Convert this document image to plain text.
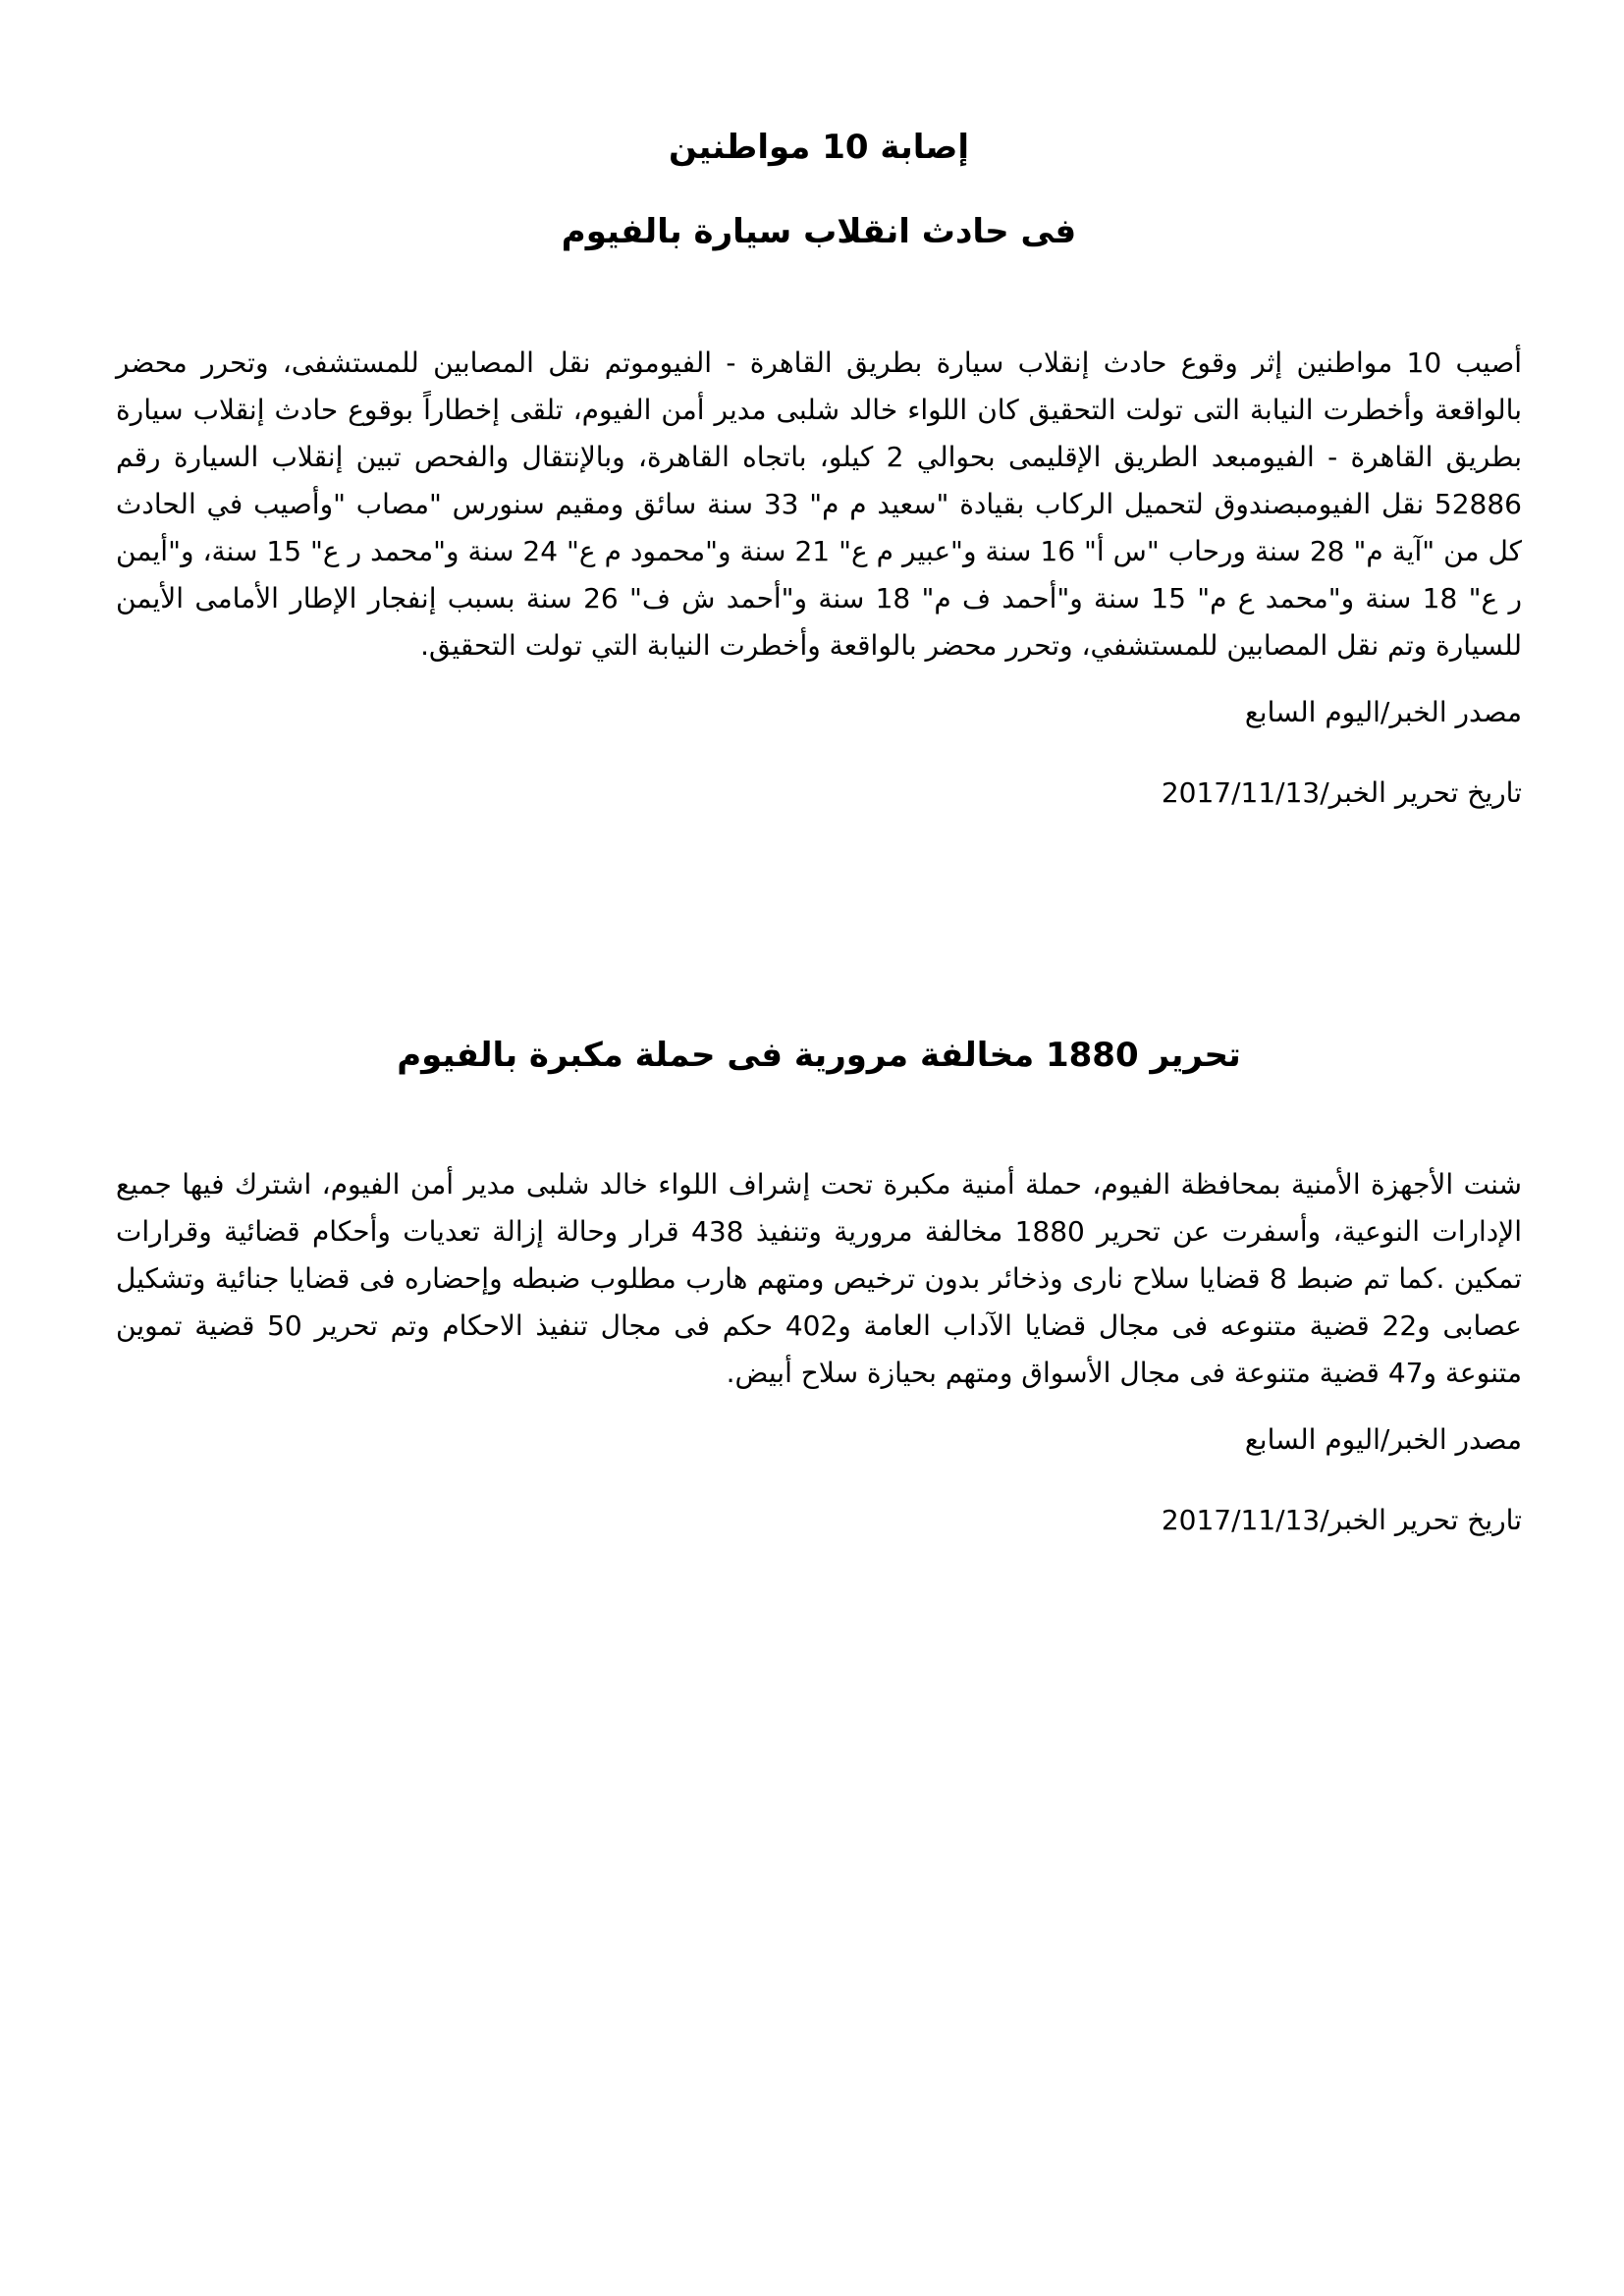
إصابة 10 مواطنين
فى حادث انقلاب سيارة بالفيوم

أصيب 10 مواطنين إثر وقوع حادث إنقلاب سيارة بطريق القاهرة - الفيوموتم نقل المصابين للمستشفى، وتحرر محضر بالواقعة وأخطرت النيابة التى تولت التحقيق كان اللواء خالد شلبى مدير أمن الفيوم، تلقى إخطاراً بوقوع حادث إنقلاب سيارة بطريق القاهرة - الفيومبعد الطريق الإقليمى بحوالي 2 كيلو، باتجاه القاهرة، وبالإنتقال والفحص تبين إنقلاب السيارة رقم 52886 نقل الفيومبصندوق لتحميل الركاب بقيادة "سعيد م م" 33 سنة سائق ومقيم سنورس "مصاب "وأصيب في الحادث كل من "آية م" 28 سنة ورحاب "س أ" 16 سنة و"عبير م ع" 21 سنة و"محمود م ع" 24 سنة و"محمد ر ع" 15 سنة، و"أيمن ر ع" 18 سنة و"محمد ع م" 15 سنة و"أحمد ف م" 18 سنة و"أحمد ش ف" 26 سنة بسبب إنفجار الإطار الأمامى الأيمن للسيارة وتم نقل المصابين للمستشفي، وتحرر محضر بالواقعة وأخطرت النيابة التي تولت التحقيق.

مصدر الخبر/اليوم السابع

تاريخ تحرير الخبر/2017/11/13

تحرير 1880 مخالفة مرورية فى حملة مكبرة بالفيوم

شنت الأجهزة الأمنية بمحافظة الفيوم، حملة أمنية مكبرة تحت إشراف اللواء خالد شلبى مدير أمن الفيوم، اشترك فيها جميع الإدارات النوعية، وأسفرت عن تحرير 1880 مخالفة مرورية وتنفيذ 438 قرار وحالة إزالة تعديات وأحكام قضائية وقرارات تمكين .كما تم ضبط 8 قضايا سلاح نارى وذخائر بدون ترخيص ومتهم هارب مطلوب ضبطه وإحضاره فى قضايا جنائية وتشكيل عصابى و22 قضية متنوعه فى مجال قضايا الآداب العامة و402 حكم فى مجال تنفيذ الاحكام وتم تحرير 50 قضية تموين متنوعة و47 قضية متنوعة فى مجال الأسواق ومتهم بحيازة سلاح أبيض.

مصدر الخبر/اليوم السابع

تاريخ تحرير الخبر/2017/11/13
